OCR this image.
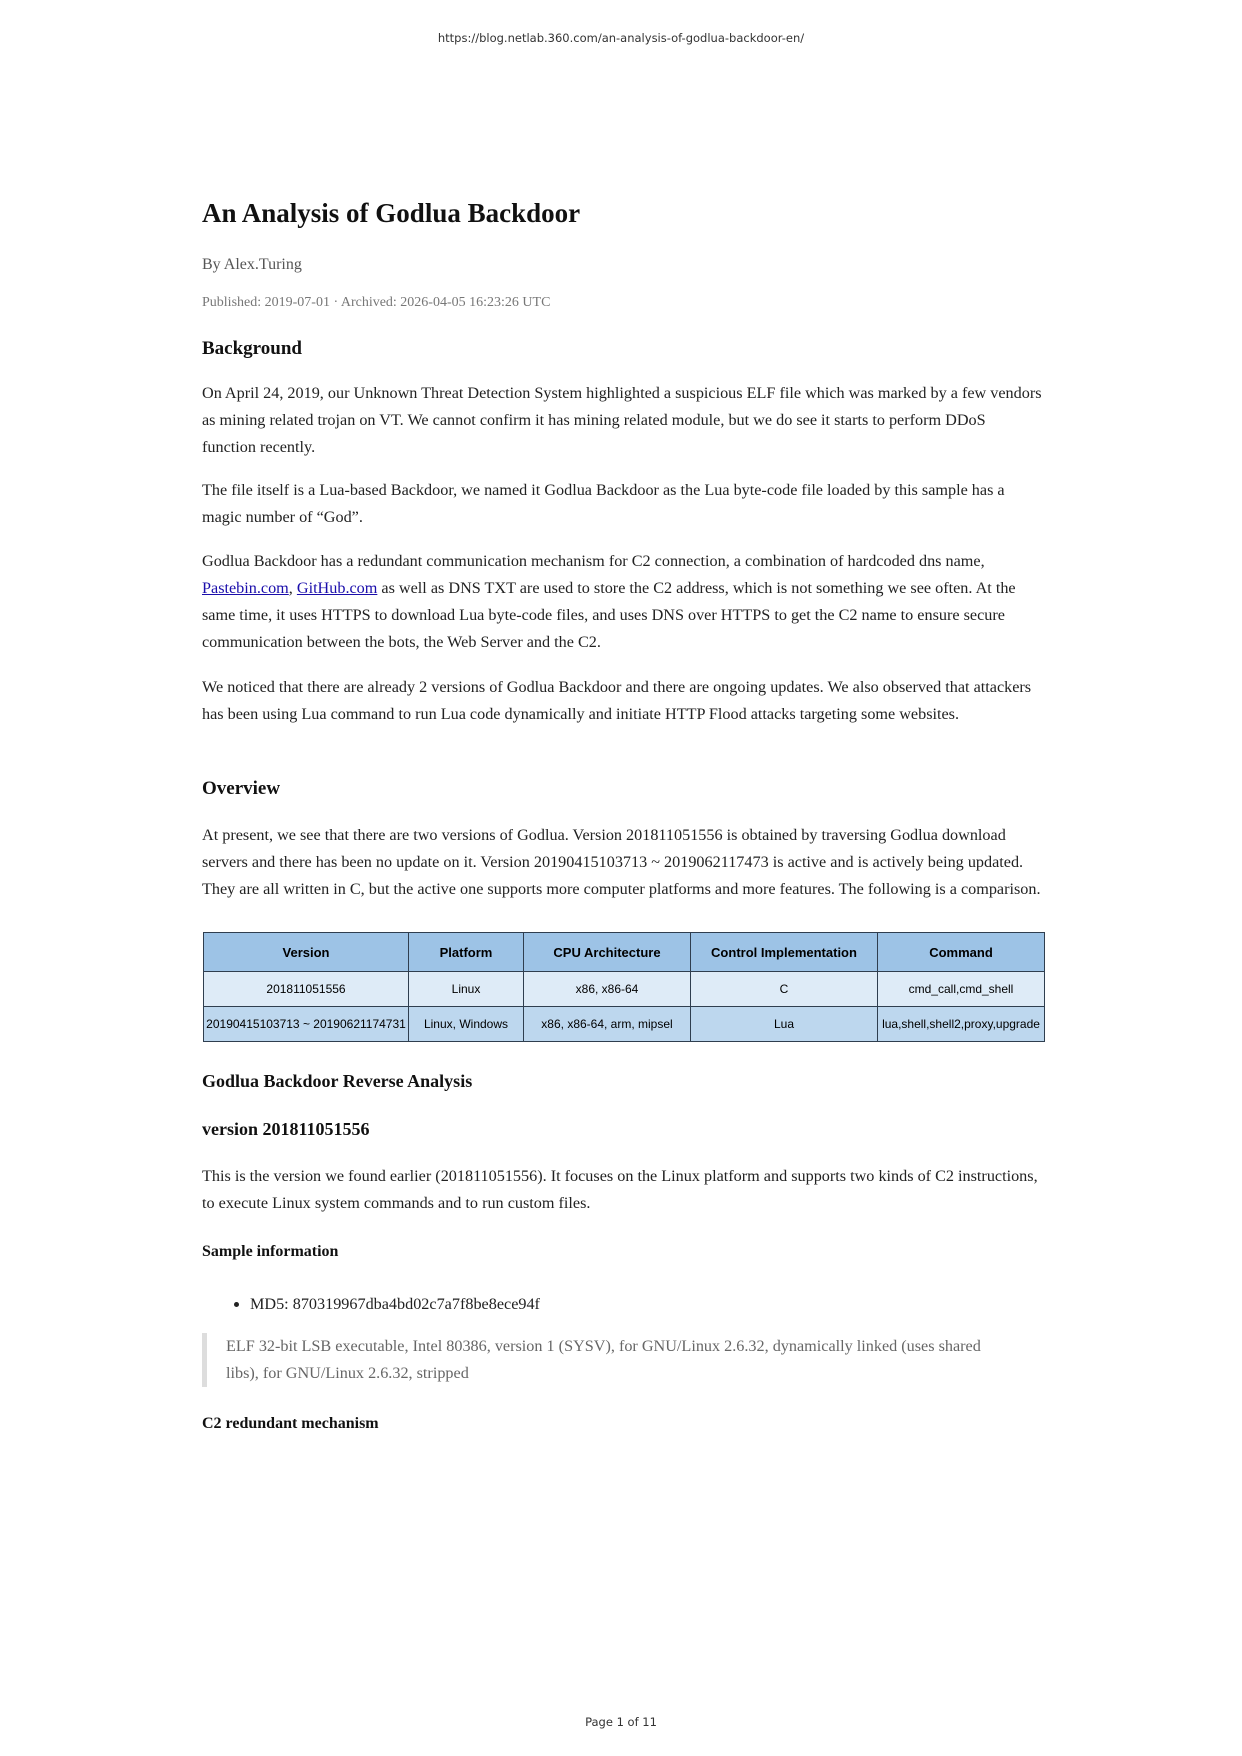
https://blog.netlab.360.com/an-analysis-of-godlua-backdoor-en/
An Analysis of Godlua Backdoor
By Alex.Turing
Published: 2019-07-01 · Archived: 2026-04-05 16:23:26 UTC
Background

On April 24, 2019, our Unknown Threat Detection System highlighted a suspicious ELF file which was marked by a few vendors as mining related trojan on VT. We cannot confirm it has mining related module, but we do see it starts to perform DDoS function recently.

The file itself is a Lua-based Backdoor, we named it Godlua Backdoor as the Lua byte-code file loaded by this sample has a magic number of “God”.

Godlua Backdoor has a redundant communication mechanism for C2 connection, a combination of hardcoded dns name, Pastebin.com, GitHub.com as well as DNS TXT are used to store the C2 address, which is not something we see often. At the same time, it uses HTTPS to download Lua byte-code files, and uses DNS over HTTPS to get the C2 name to ensure secure communication between the bots, the Web Server and the C2.

We noticed that there are already 2 versions of Godlua Backdoor and there are ongoing updates. We also observed that attackers has been using Lua command to run Lua code dynamically and initiate HTTP Flood attacks targeting some websites.

Overview

At present, we see that there are two versions of Godlua. Version 201811051556 is obtained by traversing Godlua download servers and there has been no update on it. Version 20190415103713 ~ 2019062117473 is active and is actively being updated. They are all written in C, but the active one supports more computer platforms and more features. The following is a comparison.

Version	Platform	CPU Architecture	Control Implementation	Command
201811051556	Linux	x86, x86-64	C	cmd_call,cmd_shell
20190415103713 ~ 20190621174731	Linux, Windows	x86, x86-64, arm, mipsel	Lua	lua,shell,shell2,proxy,upgrade
Godlua Backdoor Reverse Analysis
version 201811051556

This is the version we found earlier (201811051556). It focuses on the Linux platform and supports two kinds of C2 instructions, to execute Linux system commands and to run custom files.

Sample information
• MD5: 870319967dba4bd02c7a7f8be8ece94f
ELF 32-bit LSB executable, Intel 80386, version 1 (SYSV), for GNU/Linux 2.6.32, dynamically linked (uses shared libs), for GNU/Linux 2.6.32, stripped
C2 redundant mechanism
Page 1 of 11
